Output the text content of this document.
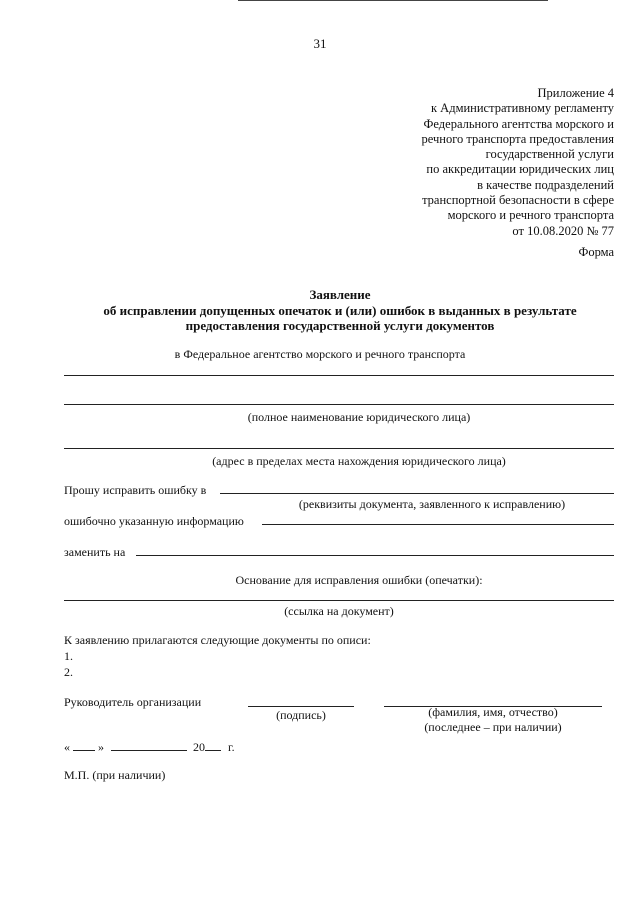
31
Приложение 4
к Административному регламенту
Федерального агентства морского и
речного транспорта предоставления
государственной услуги
по аккредитации юридических лиц
в качестве подразделений
транспортной безопасности в сфере
морского и речного транспорта
от 10.08.2020 № 77
Форма
Заявление
об исправлении допущенных опечаток и (или) ошибок в выданных в результате
предоставления государственной услуги документов
в Федеральное агентство морского и речного транспорта
(полное наименование юридического лица)
(адрес в пределах места нахождения юридического лица)
Прошу исправить ошибку в
(реквизиты документа, заявленного к исправлению)
ошибочно указанную информацию
заменить на
Основание для исправления ошибки (опечатки):
(ссылка на документ)
К заявлению прилагаются следующие документы по описи:
1.
2.
Руководитель организации
(подпись)	(фамилия, имя, отчество)
(последнее – при наличии)
« »	20 г.
М.П. (при наличии)
